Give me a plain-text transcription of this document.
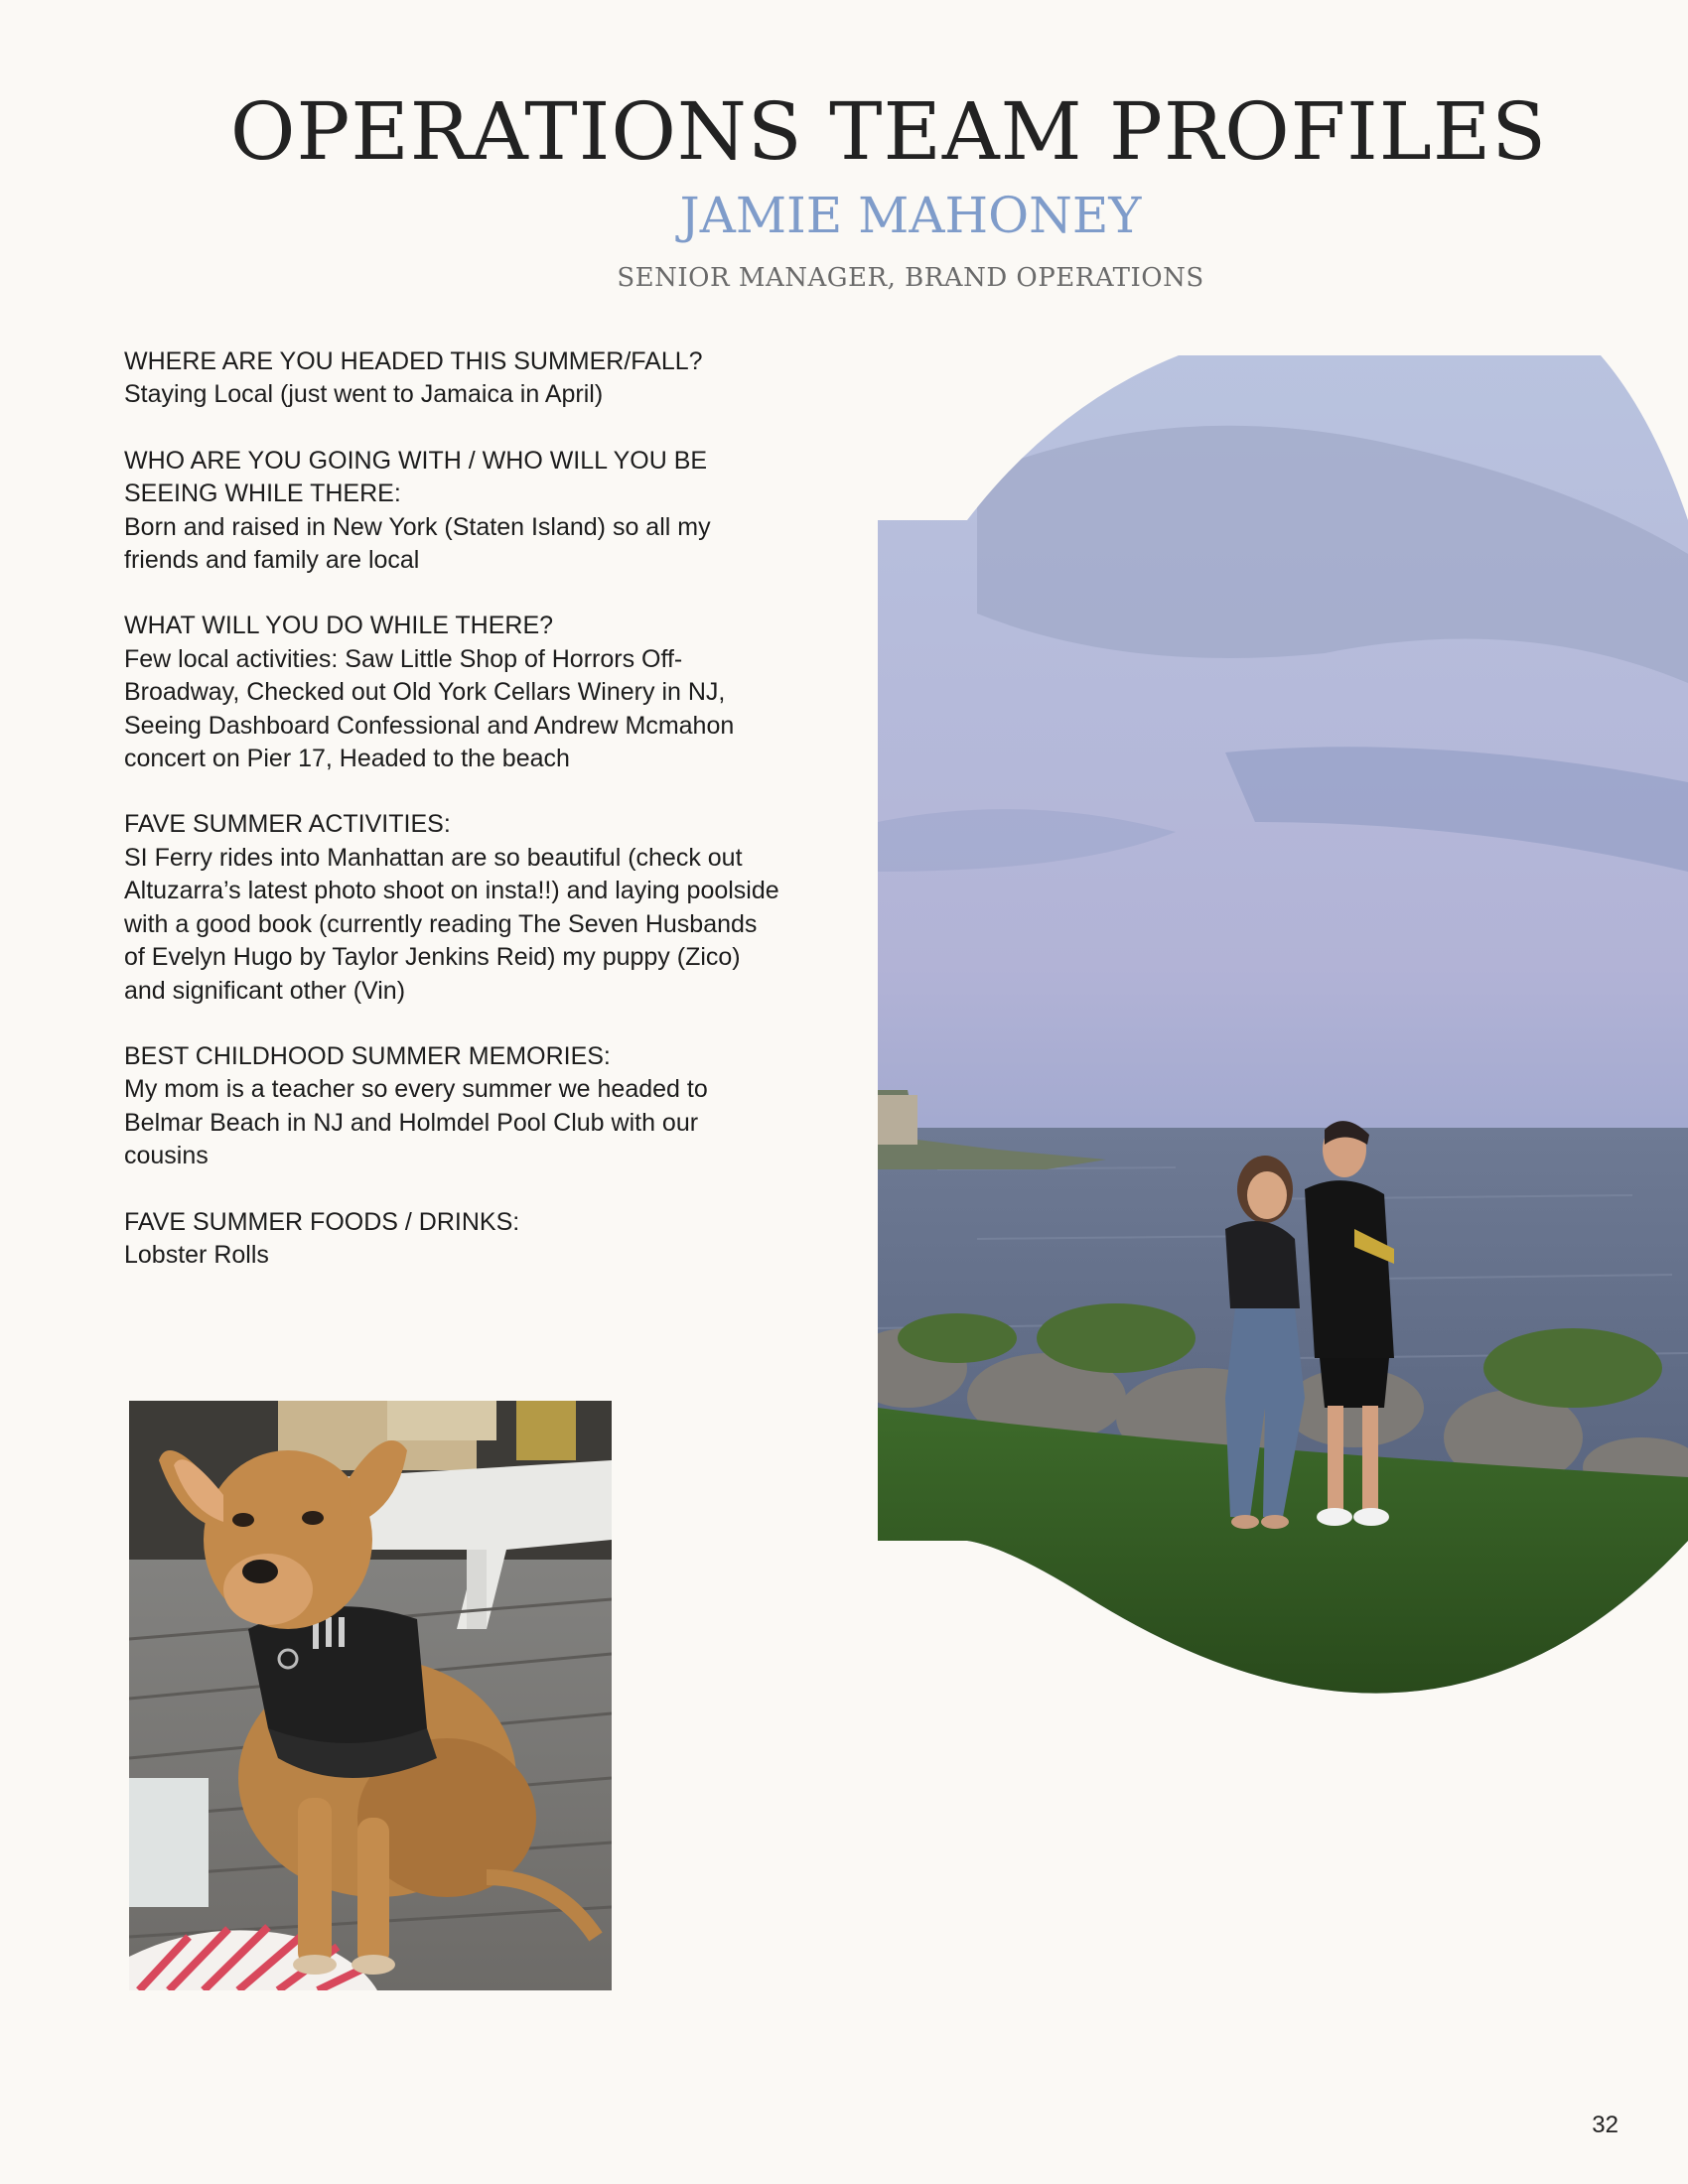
OPERATIONS TEAM PROFILES
JAMIE MAHONEY
SENIOR MANAGER, BRAND OPERATIONS
WHERE ARE YOU HEADED THIS SUMMER/FALL?
Staying Local (just went to Jamaica in April)
WHO ARE YOU GOING WITH / WHO WILL YOU BE SEEING WHILE THERE:
Born and raised in New York (Staten Island) so all my friends and family are local
WHAT WILL YOU DO WHILE THERE?
Few local activities: Saw Little Shop of Horrors Off-Broadway, Checked out Old York Cellars Winery in NJ, Seeing Dashboard Confessional and Andrew Mcmahon concert on Pier 17, Headed to the beach
FAVE SUMMER ACTIVITIES:
SI Ferry rides into Manhattan are so beautiful (check out Altuzarra’s latest photo shoot on insta!!) and laying poolside with a good book (currently reading The Seven Husbands of Evelyn Hugo by Taylor Jenkins Reid) my puppy (Zico) and significant other (Vin)
BEST CHILDHOOD SUMMER MEMORIES:
My mom is a teacher so every summer we headed to Belmar Beach in NJ and Holmdel Pool Club with our cousins
FAVE SUMMER FOODS / DRINKS:
Lobster Rolls
32
